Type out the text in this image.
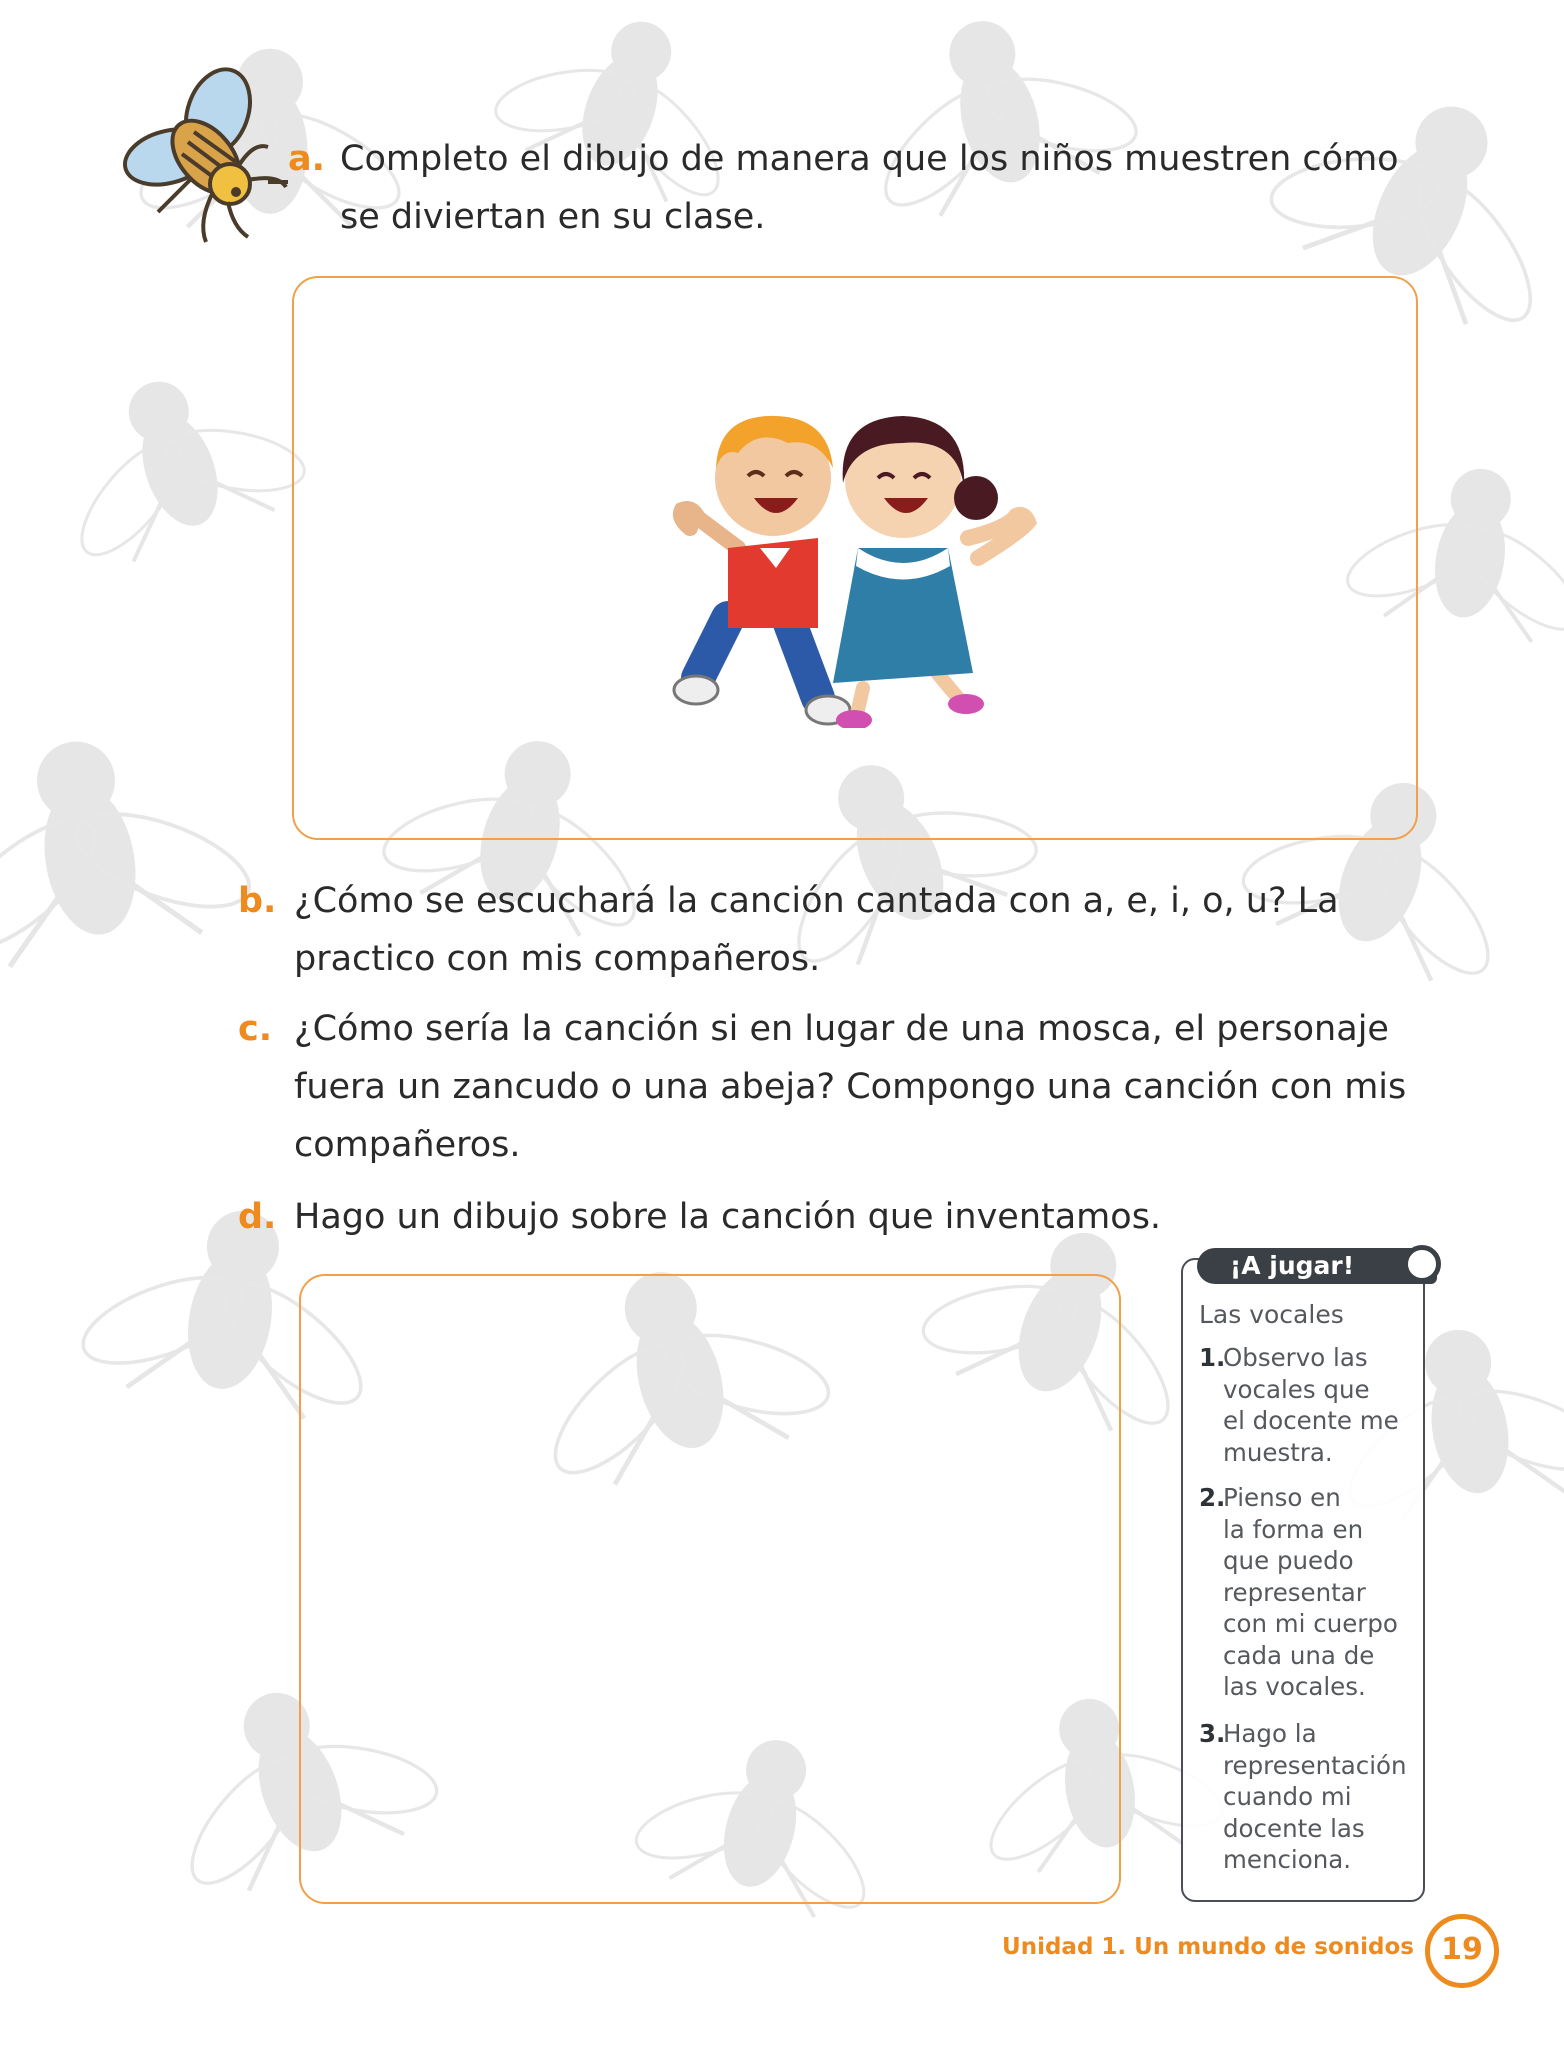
a. Completo el dibujo de manera que los niños muestren cómo
se diviertan en su clase.
b. ¿Cómo se escuchará la canción cantada con a, e, i, o, u? La
practico con mis compañeros.
c. ¿Cómo sería la canción si en lugar de una mosca, el personaje
fuera un zancudo o una abeja? Compongo una canción con mis
compañeros.
d. Hago un dibujo sobre la canción que inventamos.
¡A jugar!
Las vocales
1.
Observo las
vocales que
el docente me
muestra.
2.
Pienso en
la forma en
que puedo
representar
con mi cuerpo
cada una de
las vocales.
3.
Hago la
representación
cuando mi
docente las
menciona.
Unidad 1. Un mundo de sonidos 19
